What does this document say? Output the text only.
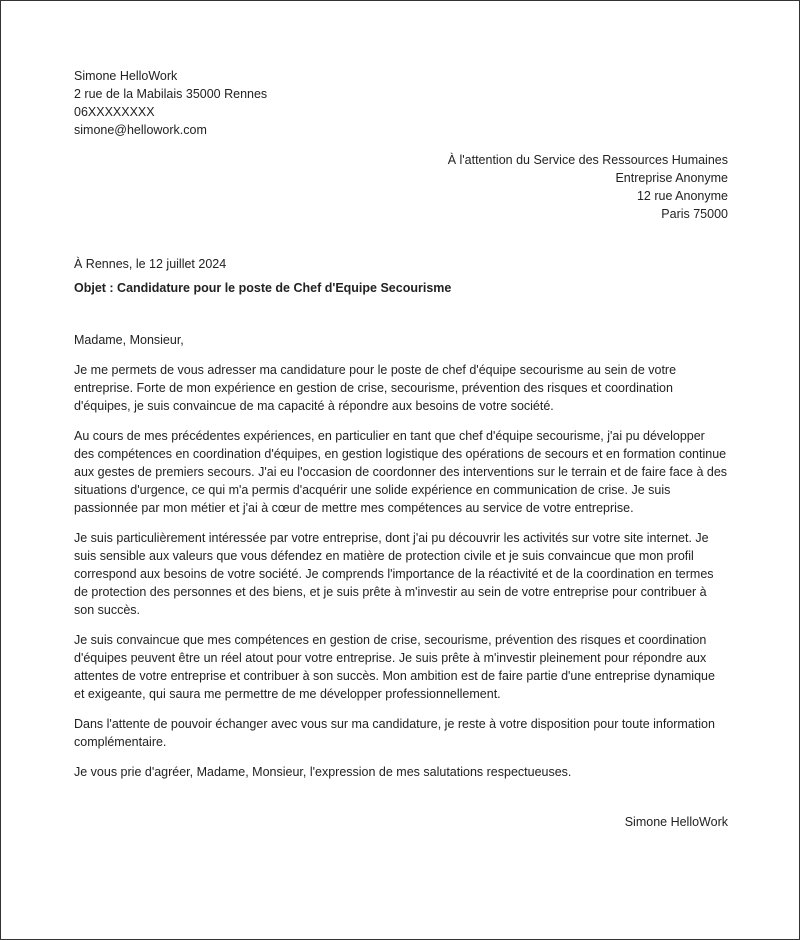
Simone HelloWork
2 rue de la Mabilais 35000 Rennes
06XXXXXXXX
simone@hellowork.com
À l'attention du Service des Ressources Humaines
Entreprise Anonyme
12 rue Anonyme
Paris 75000
À Rennes, le 12 juillet 2024
Objet : Candidature pour le poste de Chef d'Equipe Secourisme
Madame, Monsieur,
Je me permets de vous adresser ma candidature pour le poste de chef d'équipe secourisme au sein de votre entreprise. Forte de mon expérience en gestion de crise, secourisme, prévention des risques et coordination d'équipes, je suis convaincue de ma capacité à répondre aux besoins de votre société.
Au cours de mes précédentes expériences, en particulier en tant que chef d'équipe secourisme, j'ai pu développer des compétences en coordination d'équipes, en gestion logistique des opérations de secours et en formation continue aux gestes de premiers secours. J'ai eu l'occasion de coordonner des interventions sur le terrain et de faire face à des situations d'urgence, ce qui m'a permis d'acquérir une solide expérience en communication de crise. Je suis passionnée par mon métier et j'ai à cœur de mettre mes compétences au service de votre entreprise.
Je suis particulièrement intéressée par votre entreprise, dont j'ai pu découvrir les activités sur votre site internet. Je suis sensible aux valeurs que vous défendez en matière de protection civile et je suis convaincue que mon profil correspond aux besoins de votre société. Je comprends l'importance de la réactivité et de la coordination en termes de protection des personnes et des biens, et je suis prête à m'investir au sein de votre entreprise pour contribuer à son succès.
Je suis convaincue que mes compétences en gestion de crise, secourisme, prévention des risques et coordination d'équipes peuvent être un réel atout pour votre entreprise. Je suis prête à m'investir pleinement pour répondre aux attentes de votre entreprise et contribuer à son succès. Mon ambition est de faire partie d'une entreprise dynamique et exigeante, qui saura me permettre de me développer professionnellement.
Dans l'attente de pouvoir échanger avec vous sur ma candidature, je reste à votre disposition pour toute information complémentaire.
Je vous prie d'agréer, Madame, Monsieur, l'expression de mes salutations respectueuses.
Simone HelloWork
